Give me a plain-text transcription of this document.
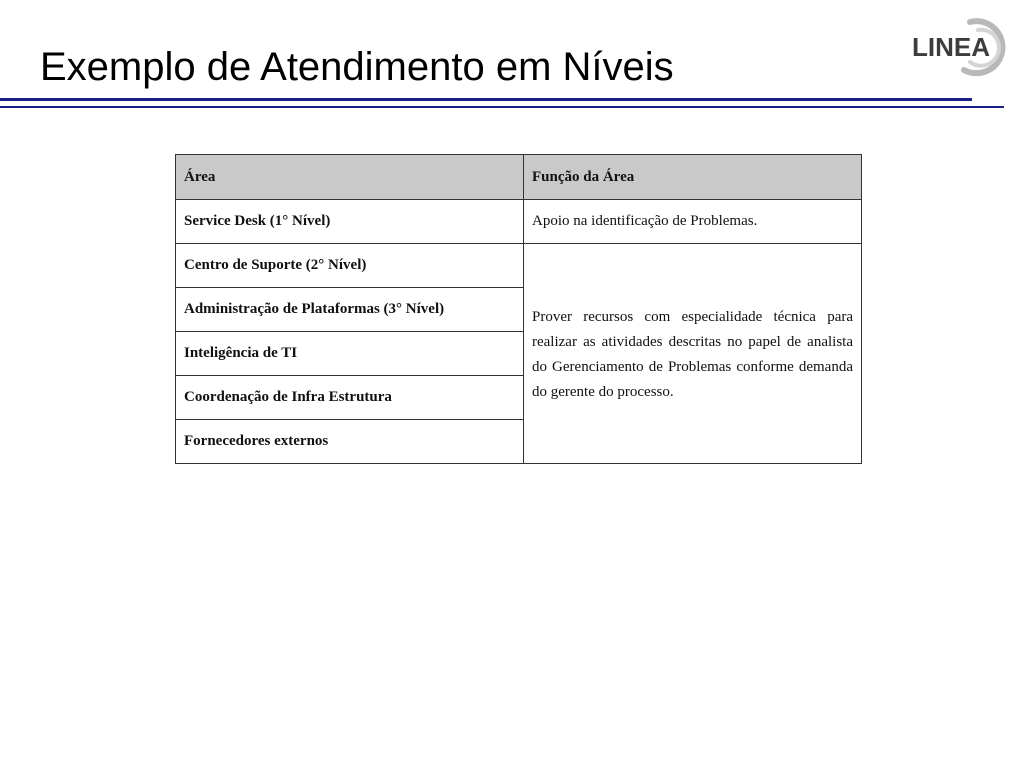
Exemplo de Atendimento em Níveis	LINEA
Área	Função da Área
Service Desk (1° Nível)	Apoio na identificação de Problemas.
Centro de Suporte (2° Nível)	Prover recursos com especialidade técnica para realizar as atividades descritas no papel de analista do Gerenciamento de Problemas conforme demanda do gerente do processo.
Administração de Plataformas (3° Nível)	
Inteligência de TI	
Coordenação de Infra Estrutura	
Fornecedores externos	
